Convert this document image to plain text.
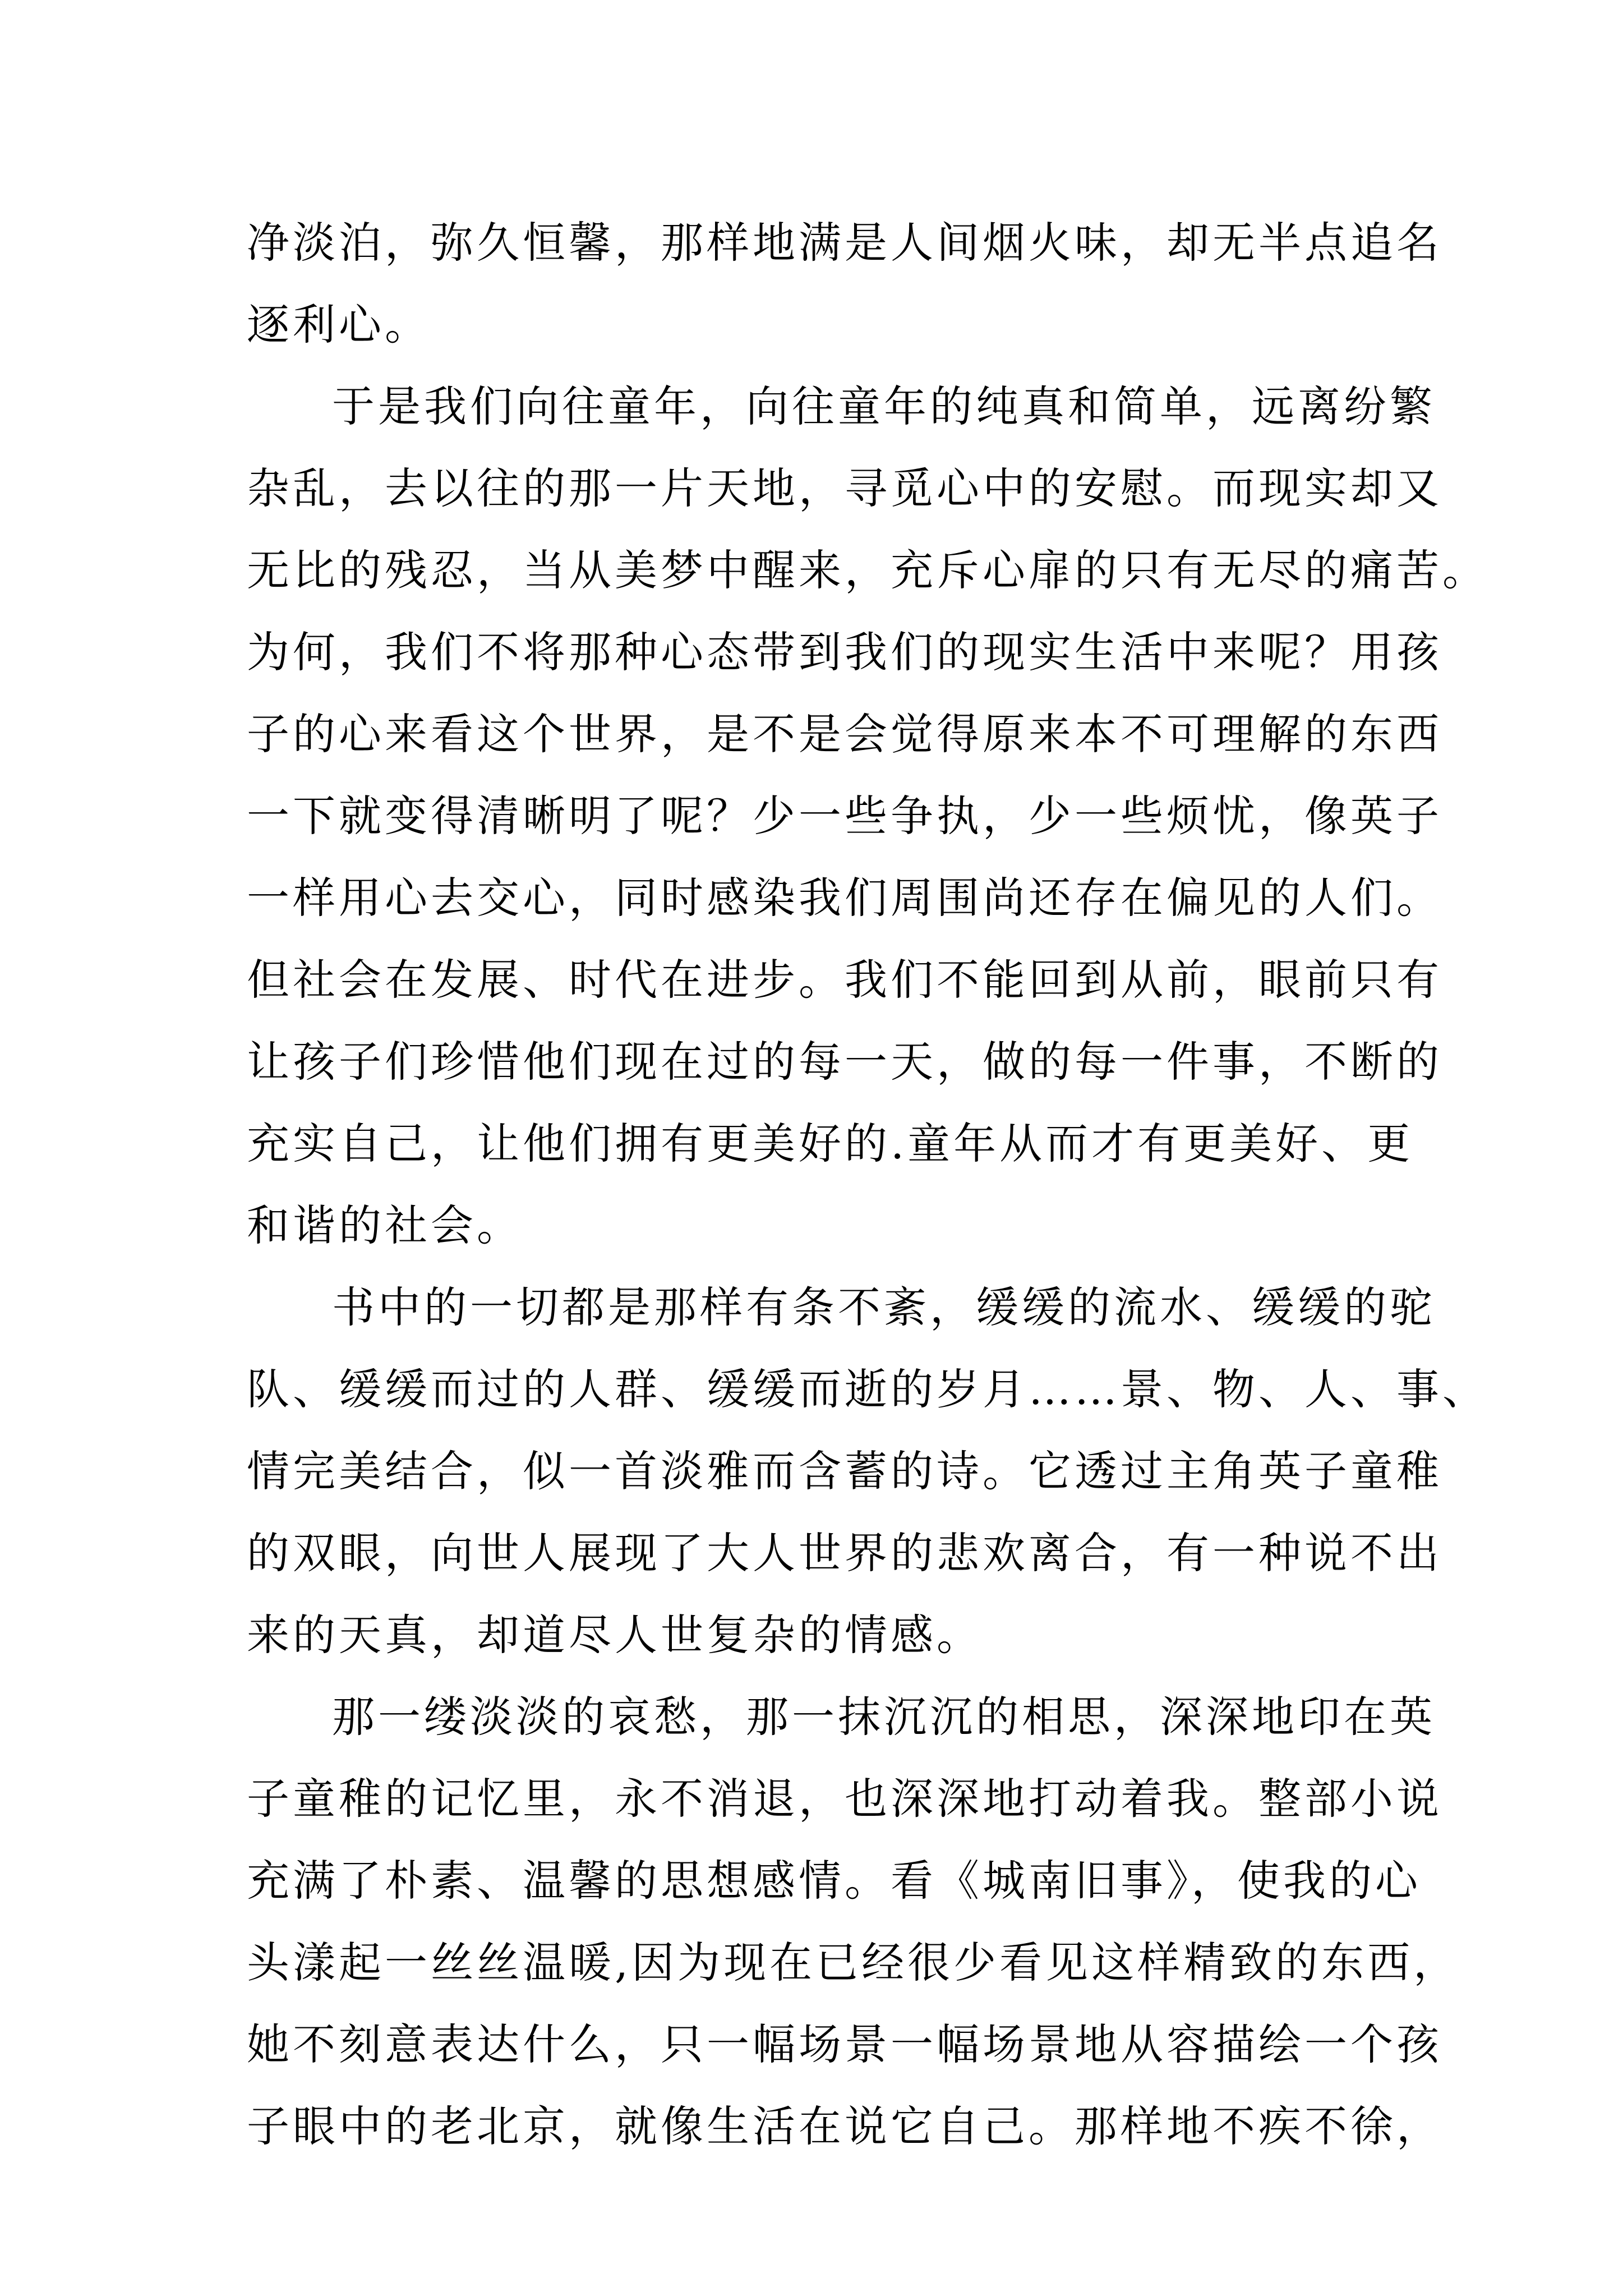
净淡泊，弥久恒馨，那样地满是人间烟火味，却无半点追名
逐利心。
于是我们向往童年，向往童年的纯真和简单，远离纷繁
杂乱，去以往的那一片天地，寻觅心中的安慰。而现实却又
无比的残忍，当从美梦中醒来，充斥心扉的只有无尽的痛苦。
为何，我们不将那种心态带到我们的现实生活中来呢？用孩
子的心来看这个世界，是不是会觉得原来本不可理解的东西
一下就变得清晰明了呢？少一些争执，少一些烦忧，像英子
一样用心去交心，同时感染我们周围尚还存在偏见的人们。
但社会在发展、时代在进步。我们不能回到从前，眼前只有
让孩子们珍惜他们现在过的每一天，做的每一件事，不断的
充实自己，让他们拥有更美好的.童年从而才有更美好、更
和谐的社会。
书中的一切都是那样有条不紊，缓缓的流水、缓缓的驼
队、缓缓而过的人群、缓缓而逝的岁月……景、物、人、事、
情完美结合，似一首淡雅而含蓄的诗。它透过主角英子童稚
的双眼，向世人展现了大人世界的悲欢离合，有一种说不出
来的天真，却道尽人世复杂的情感。
那一缕淡淡的哀愁，那一抹沉沉的相思，深深地印在英
子童稚的记忆里，永不消退，也深深地打动着我。整部小说
充满了朴素、温馨的思想感情。看《城南旧事》，使我的心
头漾起一丝丝温暖,因为现在已经很少看见这样精致的东西，
她不刻意表达什么，只一幅场景一幅场景地从容描绘一个孩
子眼中的老北京，就像生活在说它自己。那样地不疾不徐，
